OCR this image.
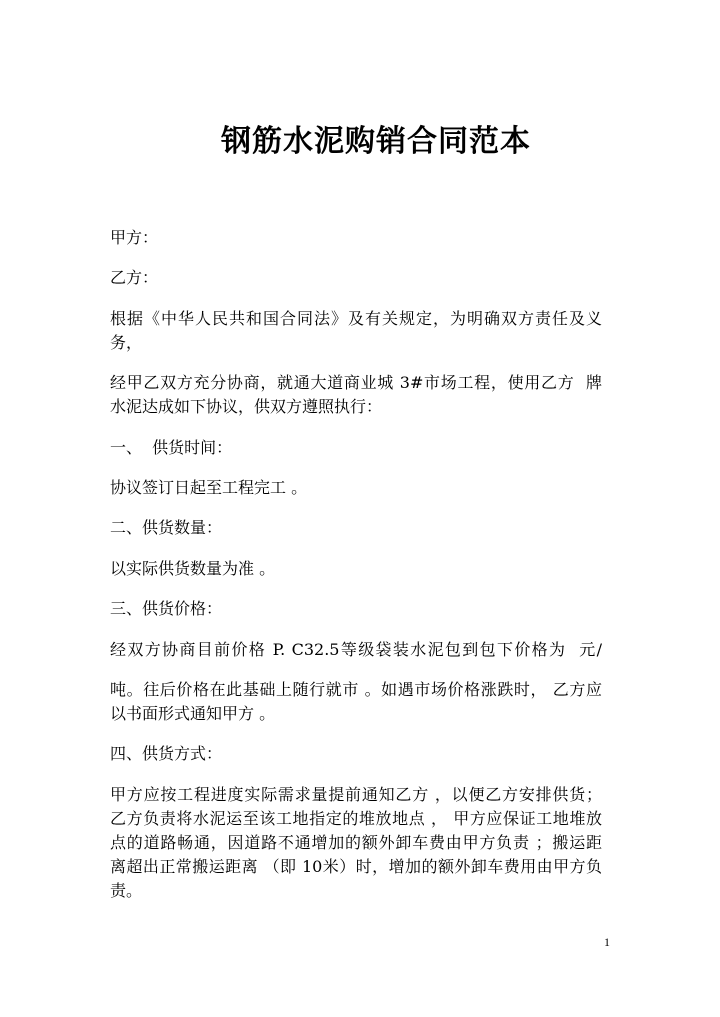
钢筋水泥购销合同范本

甲方：

乙方：

根据《中华人民共和国合同法》及有关规定，为明确双方责任及义
务，

经甲乙双方充分协商，就通大道商业城 3#市场工程，使用乙方  牌
水泥达成如下协议，供双方遵照执行：

一、  供货时间：

协议签订日起至工程完工 。

二、供货数量：

以实际供货数量为准 。

三、供货价格：

经双方协商目前价格 P. C32.5等级袋装水泥包到包下价格为  元/

吨。往后价格在此基础上随行就市 。如遇市场价格涨跌时， 乙方应
以书面形式通知甲方 。

四、供货方式：

甲方应按工程进度实际需求量提前通知乙方 ，以便乙方安排供货；
乙方负责将水泥运至该工地指定的堆放地点 ， 甲方应保证工地堆放
点的道路畅通，因道路不通增加的额外卸车费由甲方负责 ；搬运距
离超出正常搬运距离 （即 10米）时，增加的额外卸车费用由甲方负
责。

1
